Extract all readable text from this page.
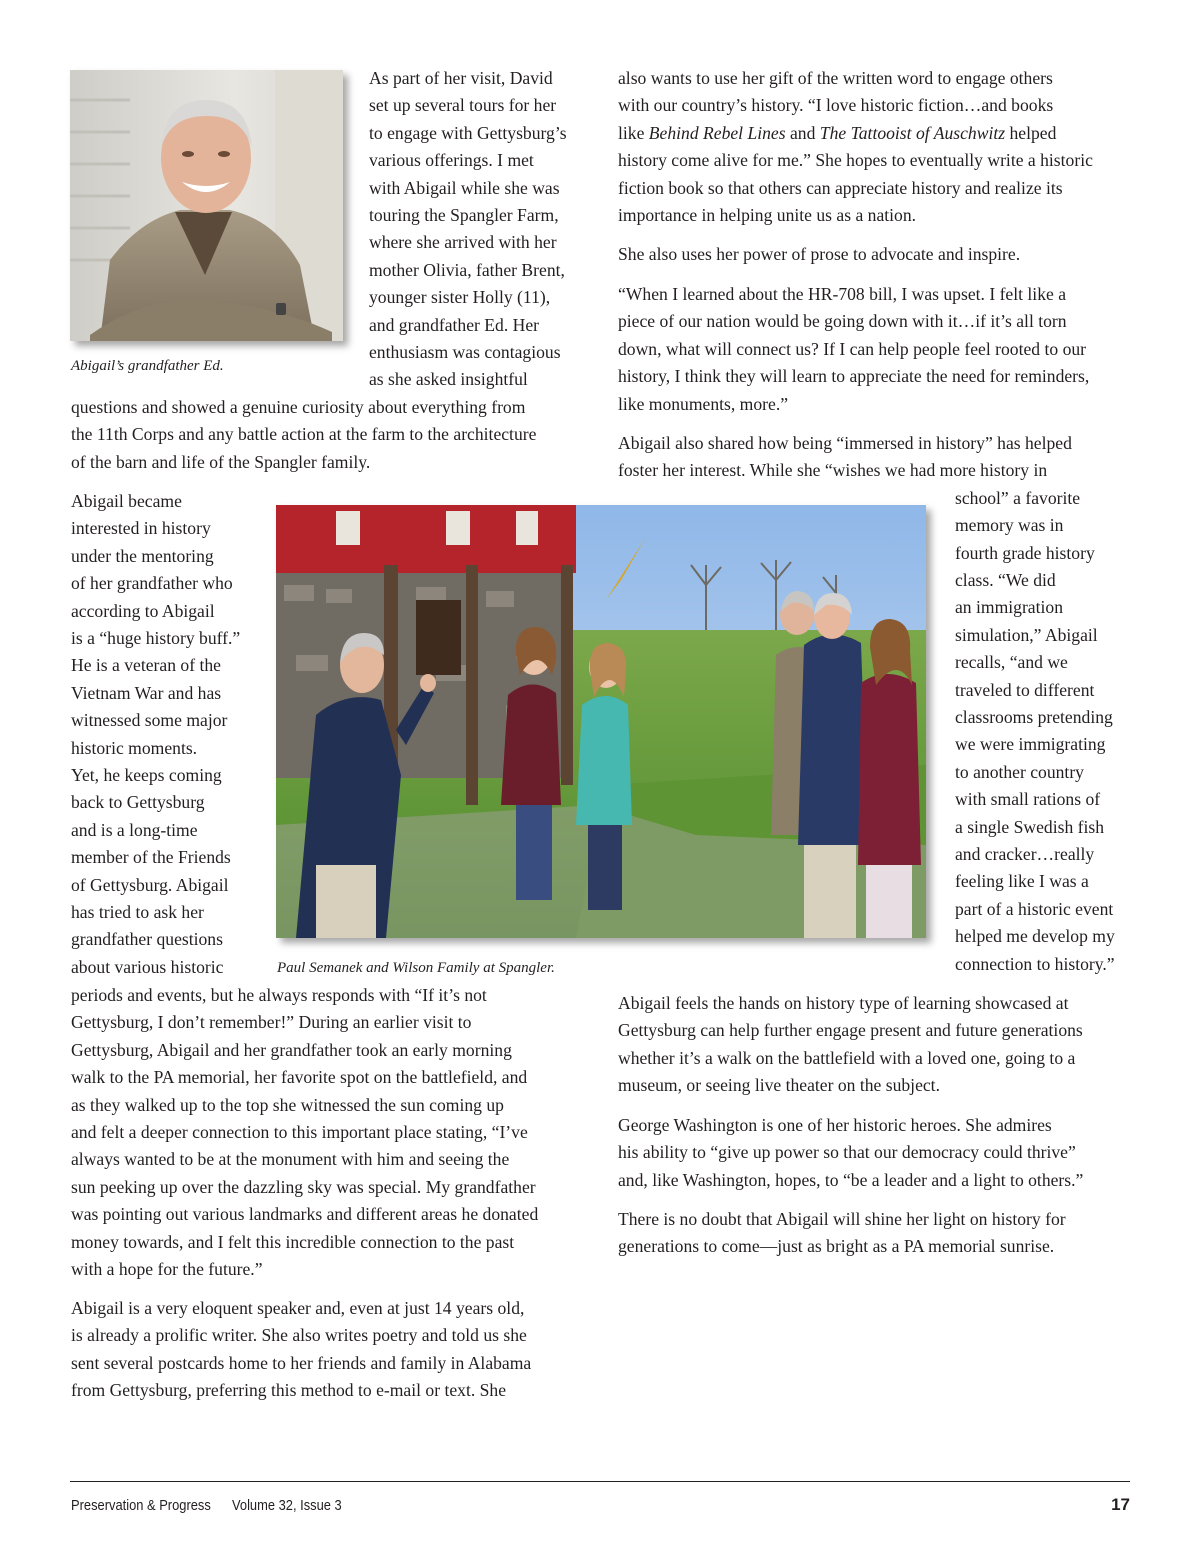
Abigail’s grandfather Ed.
Paul Semanek and Wilson Family at Spangler.
As part of her visit, David
set up several tours for her
to engage with Gettysburg’s
various offerings. I met
with Abigail while she was
touring the Spangler Farm,
where she arrived with her
mother Olivia, father Brent,
younger sister Holly (11),
and grandfather Ed. Her
enthusiasm was contagious
as she asked insightful
questions and showed a genuine curiosity about everything from
the 11th Corps and any battle action at the farm to the architecture
of the barn and life of the Spangler family.
Abigail became
interested in history
under the mentoring
of her grandfather who
according to Abigail
is a “huge history buff.”
He is a veteran of the
Vietnam War and has
witnessed some major
historic moments.
Yet, he keeps coming
back to Gettysburg
and is a long-time
member of the Friends
of Gettysburg. Abigail
has tried to ask her
grandfather questions
about various historic
periods and events, but he always responds with “If it’s not
Gettysburg, I don’t remember!” During an earlier visit to
Gettysburg, Abigail and her grandfather took an early morning
walk to the PA memorial, her favorite spot on the battlefield, and
as they walked up to the top she witnessed the sun coming up
and felt a deeper connection to this important place stating, “I’ve
always wanted to be at the monument with him and seeing the
sun peeking up over the dazzling sky was special. My grandfather
was pointing out various landmarks and different areas he donated
money towards, and I felt this incredible connection to the past
with a hope for the future.”
Abigail is a very eloquent speaker and, even at just 14 years old,
is already a prolific writer. She also writes poetry and told us she
sent several postcards home to her friends and family in Alabama
from Gettysburg, preferring this method to e-mail or text. She
also wants to use her gift of the written word to engage others
with our country’s history. “I love historic fiction…and books
like Behind Rebel Lines and The Tattooist of Auschwitz helped
history come alive for me.” She hopes to eventually write a historic
fiction book so that others can appreciate history and realize its
importance in helping unite us as a nation.
She also uses her power of prose to advocate and inspire.
“When I learned about the HR-708 bill, I was upset. I felt like a
piece of our nation would be going down with it…if it’s all torn
down, what will connect us? If I can help people feel rooted to our
history, I think they will learn to appreciate the need for reminders,
like monuments, more.”
Abigail also shared how being “immersed in history” has helped
foster her interest. While she “wishes we had more history in
school” a favorite
memory was in
fourth grade history
class. “We did
an immigration
simulation,” Abigail
recalls, “and we
traveled to different
classrooms pretending
we were immigrating
to another country
with small rations of
a single Swedish fish
and cracker…really
feeling like I was a
part of a historic event
helped me develop my
connection to history.”
Abigail feels the hands on history type of learning showcased at
Gettysburg can help further engage present and future generations
whether it’s a walk on the battlefield with a loved one, going to a
museum, or seeing live theater on the subject.
George Washington is one of her historic heroes. She admires
his ability to “give up power so that our democracy could thrive”
and, like Washington, hopes, to “be a leader and a light to others.”
There is no doubt that Abigail will shine her light on history for
generations to come—just as bright as a PA memorial sunrise.
Preservation & Progress Volume 32, Issue 3	17
